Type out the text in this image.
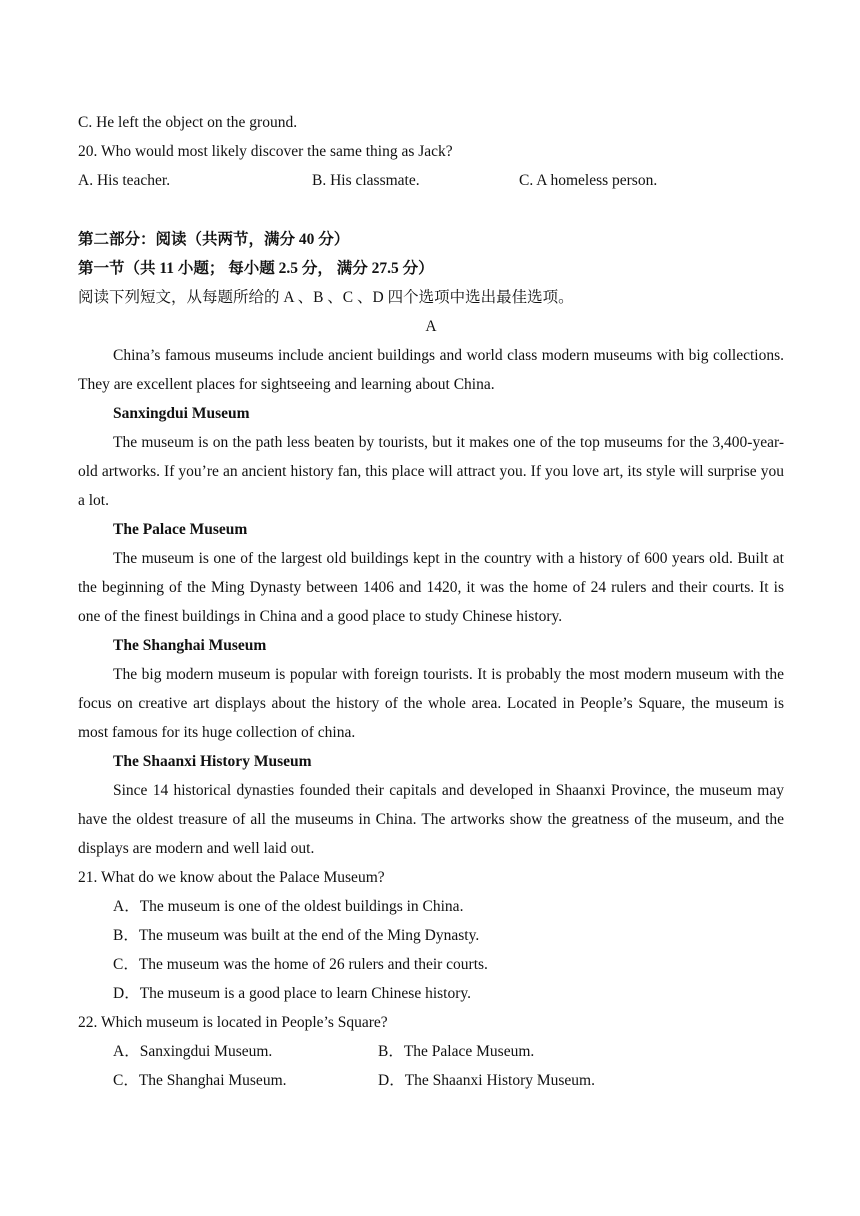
C. He left the object on the ground.
20. Who would most likely discover the same thing as Jack?
A. His teacher.	B. His classmate.	C. A homeless person.
第二部分：阅读（共两节，满分 40 分）
第一节（共 11 小题； 每小题 2.5 分， 满分 27.5 分）
阅读下列短文，从每题所给的 A 、B 、C 、D 四个选项中选出最佳选项。
A
China’s famous museums include ancient buildings and world class modern museums with big collections. They are excellent places for sightseeing and learning about China.
Sanxingdui Museum
The museum is on the path less beaten by tourists, but it makes one of the top museums for the 3,400-year-old artworks. If you’re an ancient history fan, this place will attract you. If you love art, its style will surprise you a lot.
The Palace Museum
The museum is one of the largest old buildings kept in the country with a history of 600 years old. Built at the beginning of the Ming Dynasty between 1406 and 1420, it was the home of 24 rulers and their courts. It is one of the finest buildings in China and a good place to study Chinese history.
The Shanghai Museum
The big modern museum is popular with foreign tourists. It is probably the most modern museum with the focus on creative art displays about the history of the whole area. Located in People’s Square, the museum is most famous for its huge collection of china.
The Shaanxi History Museum
Since 14 historical dynasties founded their capitals and developed in Shaanxi Province, the museum may have the oldest treasure of all the museums in China. The artworks show the greatness of the museum, and the displays are modern and well laid out.
21. What do we know about the Palace Museum?
A．The museum is one of the oldest buildings in China.
B．The museum was built at the end of the Ming Dynasty.
C．The museum was the home of 26 rulers and their courts.
D．The museum is a good place to learn Chinese history.
22. Which museum is located in People’s Square?
A．Sanxingdui Museum.	B．The Palace Museum.
C．The Shanghai Museum.	D．The Shaanxi History Museum.
